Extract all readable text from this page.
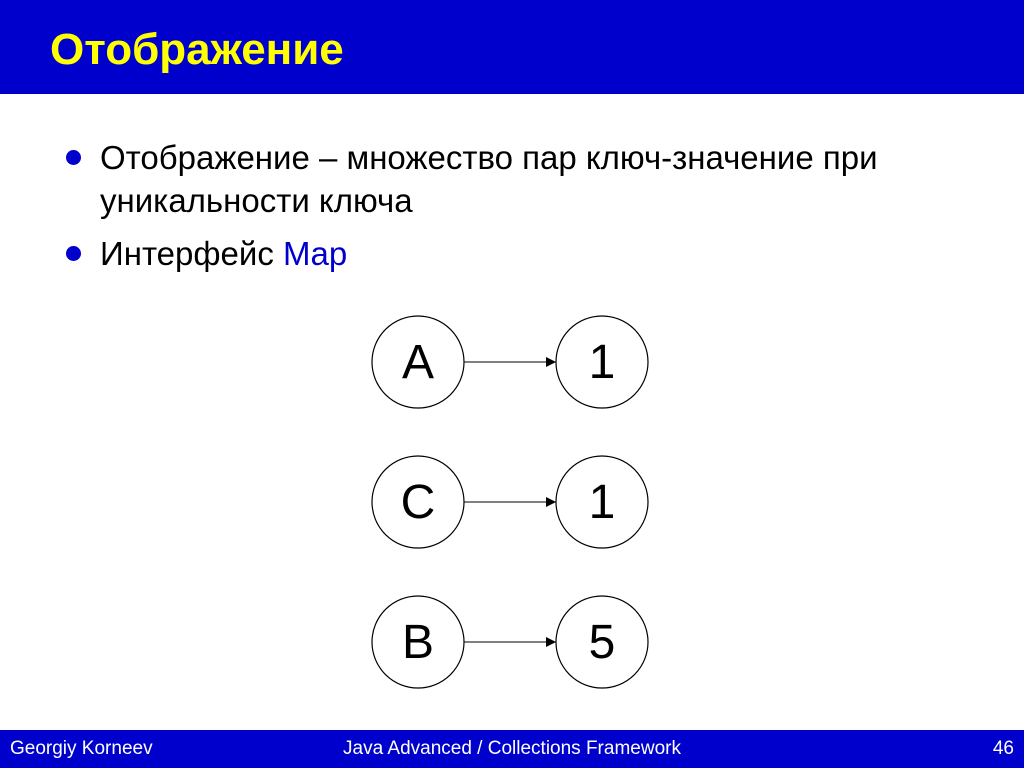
Отображение
Отображение – множество пар ключ-значение при уникальности ключа
Интерфейс Map
A	1
C	1
B	5
Georgiy Korneev	Java Advanced / Collections Framework	46
